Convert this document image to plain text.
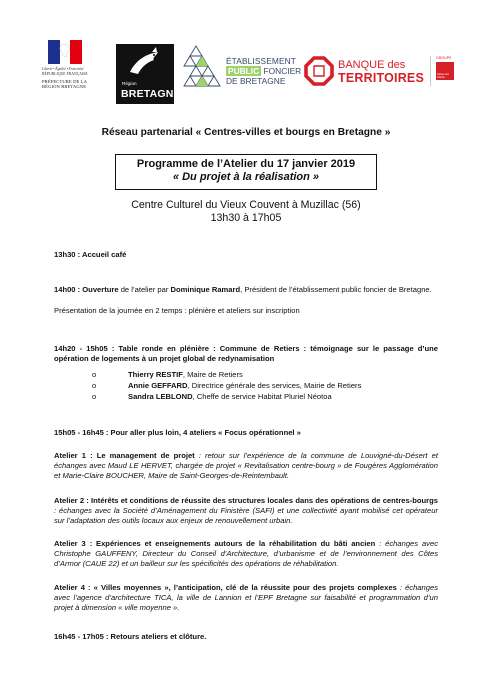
Liberté • Égalité • Fraternité
RÉPUBLIQUE FRANÇAISE
PRÉFECTURE DE LA
RÉGION BRETAGNE
Région
BRETAGNE
ÉTABLISSEMENT
PUBLIC FONCIER
DE BRETAGNE
BANQUE des
TERRITOIRES
GROUPE
Caisse des Dépôts
Réseau partenarial « Centres-villes et bourgs en Bretagne »
Programme de l’Atelier du 17 janvier 2019
« Du projet à la réalisation »
Centre Culturel du Vieux Couvent à Muzillac (56)
13h30 à 17h05
13h30 : Accueil café
14h00 : Ouverture de l’atelier par Dominique Ramard, Président de l’établissement public foncier de Bretagne.
Présentation de la journée en 2 temps : plénière et ateliers sur inscription
14h20 - 15h05 : Table ronde en plénière : Commune de Retiers : témoignage sur le passage d’une opération de logements à un projet global de redynamisation
o	Thierry RESTIF, Maire de Retiers
o	Annie GEFFARD, Directrice générale des services, Mairie de Retiers
o	Sandra LEBLOND, Cheffe de service Habitat Pluriel Néotoa
15h05 - 16h45 : Pour aller plus loin, 4 ateliers « Focus opérationnel »
Atelier 1 : Le management de projet : retour sur l’expérience de la commune de Louvigné-du-Désert et échanges avec Maud LE HERVET, chargée de projet « Revitalisation centre-bourg » de Fougères Agglomération et Marie-Claire BOUCHER, Maire de Saint-Georges-de-Reintembault.
Atelier 2 : Intérêts et conditions de réussite des structures locales dans des opérations de centres-bourgs : échanges avec la Société d’Aménagement du Finistère (SAFI) et une collectivité ayant mobilisé cet opérateur sur l’adaptation des outils locaux aux enjeux de renouvellement urbain.
Atelier 3 : Expériences et enseignements autours de la réhabilitation du bâti ancien : échanges avec Christophe GAUFFENY, Directeur du Conseil d’Architecture, d’urbanisme et de l’environnement des Côtes d’Armor (CAUE 22) et un bailleur sur les spécificités des opérations de réhabilitation.
Atelier 4 : « Villes moyennes », l’anticipation, clé de la réussite pour des projets complexes : échanges avec l’agence d’architecture TICA, la ville de Lannion et l’EPF Bretagne sur faisabilité et programmation d’un projet à dimension « ville moyenne ».
16h45 - 17h05 : Retours ateliers et clôture.
